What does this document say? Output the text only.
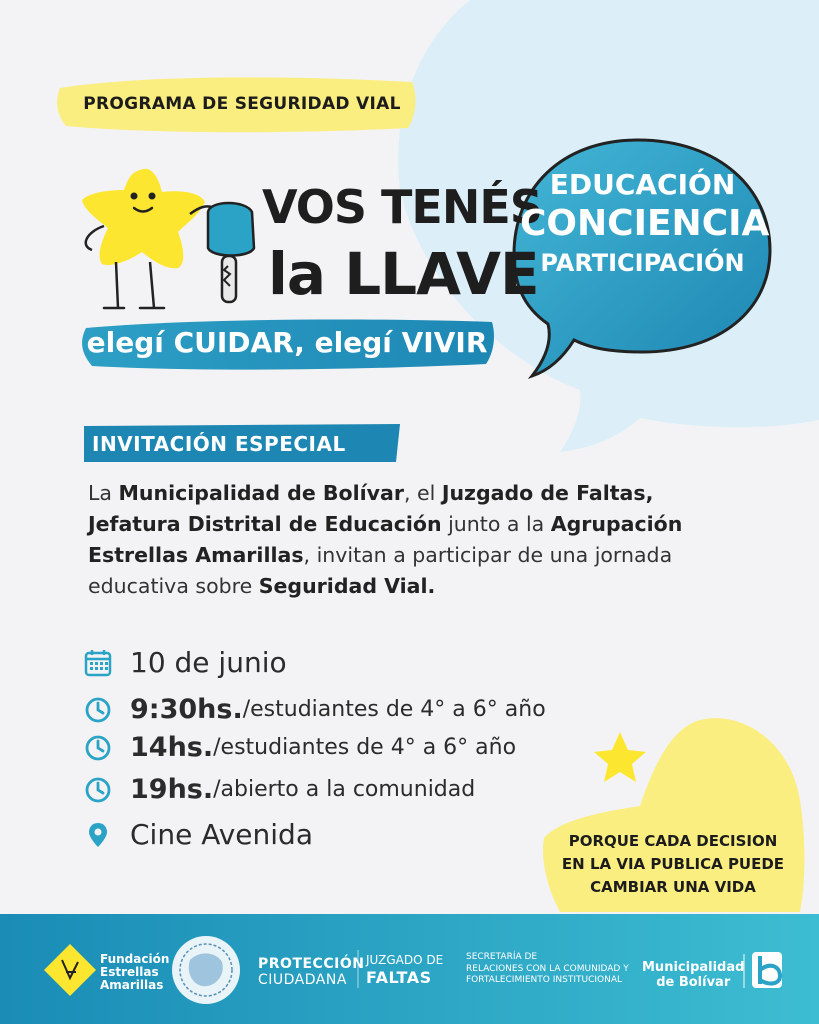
PROGRAMA DE SEGURIDAD VIAL
VOS TENÉS
la LLAVE
elegí CUIDAR, elegí VIVIR
EDUCACIÓN
CONCIENCIA
PARTICIPACIÓN
INVITACIÓN ESPECIAL
La Municipalidad de Bolívar, el Juzgado de Faltas,
Jefatura Distrital de Educación junto a la Agrupación
Estrellas Amarillas, invitan a participar de una jornada
educativa sobre Seguridad Vial.
10 de junio
9:30hs. /estudiantes de 4° a 6° año
14hs. /estudiantes de 4° a 6° año
19hs. /abierto a la comunidad
Cine Avenida	PORQUE CADA DECISION
EN LA VIA PUBLICA PUEDE
CAMBIAR UNA VIDA
Fundación
Estrellas
Amarillas
PROTECCIÓN
CIUDADANA
JUZGADO DE
FALTAS
SECRETARÍA DE
RELACIONES CON LA COMUNIDAD Y
FORTALECIMIENTO INSTITUCIONAL
Municipalidad
de Bolívar
